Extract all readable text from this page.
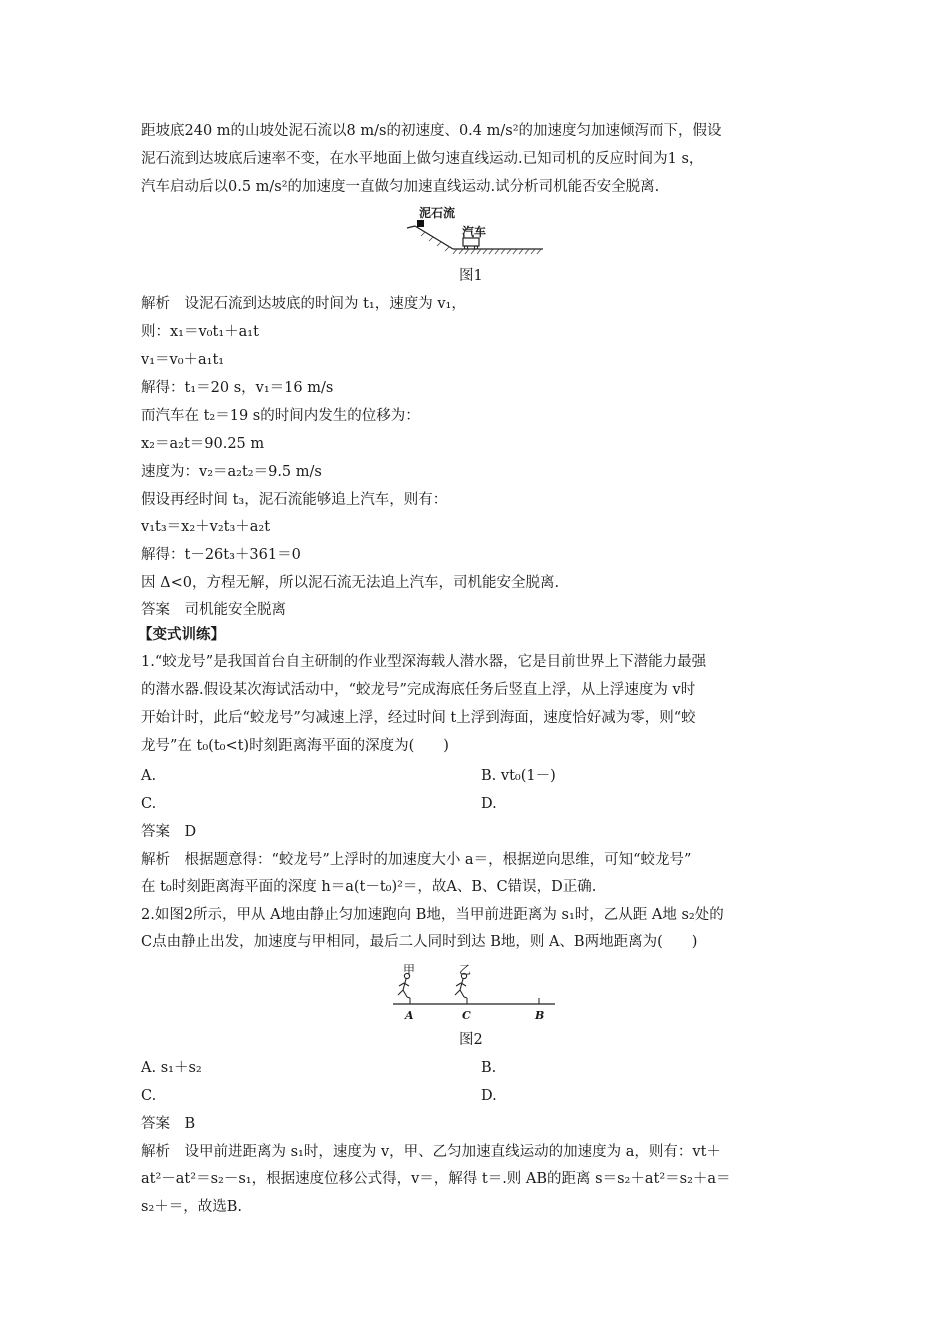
距坡底240 m的山坡处泥石流以8 m/s的初速度、0.4 m/s²的加速度匀加速倾泻而下，假设
泥石流到达坡底后速率不变，在水平地面上做匀速直线运动.已知司机的反应时间为1 s，
汽车启动后以0.5 m/s²的加速度一直做匀加速直线运动.试分析司机能否安全脱离.
泥石流
汽车
图1
解析　设泥石流到达坡底的时间为 t₁，速度为 v₁，
则：x₁＝v₀t₁＋a₁t
v₁＝v₀＋a₁t₁
解得：t₁＝20 s，v₁＝16 m/s
而汽车在 t₂＝19 s的时间内发生的位移为：
x₂＝a₂t＝90.25 m
速度为：v₂＝a₂t₂＝9.5 m/s
假设再经时间 t₃，泥石流能够追上汽车，则有：
v₁t₃＝x₂＋v₂t₃＋a₂t
解得：t－26t₃＋361＝0
因 Δ<0，方程无解，所以泥石流无法追上汽车，司机能安全脱离.
答案　司机能安全脱离
【变式训练】
1.“蛟龙号”是我国首台自主研制的作业型深海载人潜水器，它是目前世界上下潜能力最强
的潜水器.假设某次海试活动中，“蛟龙号”完成海底任务后竖直上浮，从上浮速度为 v时
开始计时，此后“蛟龙号”匀减速上浮，经过时间 t上浮到海面，速度恰好减为零，则“蛟
龙号”在 t₀(t₀<t)时刻距离海平面的深度为(　　)
A.	B. vt₀(1－)
C.	D.
答案　D
解析　根据题意得：“蛟龙号”上浮时的加速度大小 a＝，根据逆向思维，可知“蛟龙号”
在 t₀时刻距离海平面的深度 h＝a(t－t₀)²＝，故A、B、C错误，D正确.
2.如图2所示，甲从 A地由静止匀加速跑向 B地，当甲前进距离为 s₁时，乙从距 A地 s₂处的
C点由静止出发，加速度与甲相同，最后二人同时到达 B地，则 A、B两地距离为(　　)
甲	乙
A	C	B
图2
A. s₁＋s₂	B.
C.	D.
答案　B
解析　设甲前进距离为 s₁时，速度为 v，甲、乙匀加速直线运动的加速度为 a，则有：vt＋
at²－at²＝s₂－s₁，根据速度位移公式得，v＝，解得 t＝.则 AB的距离 s＝s₂＋at²＝s₂＋a＝
s₂＋＝，故选B.
